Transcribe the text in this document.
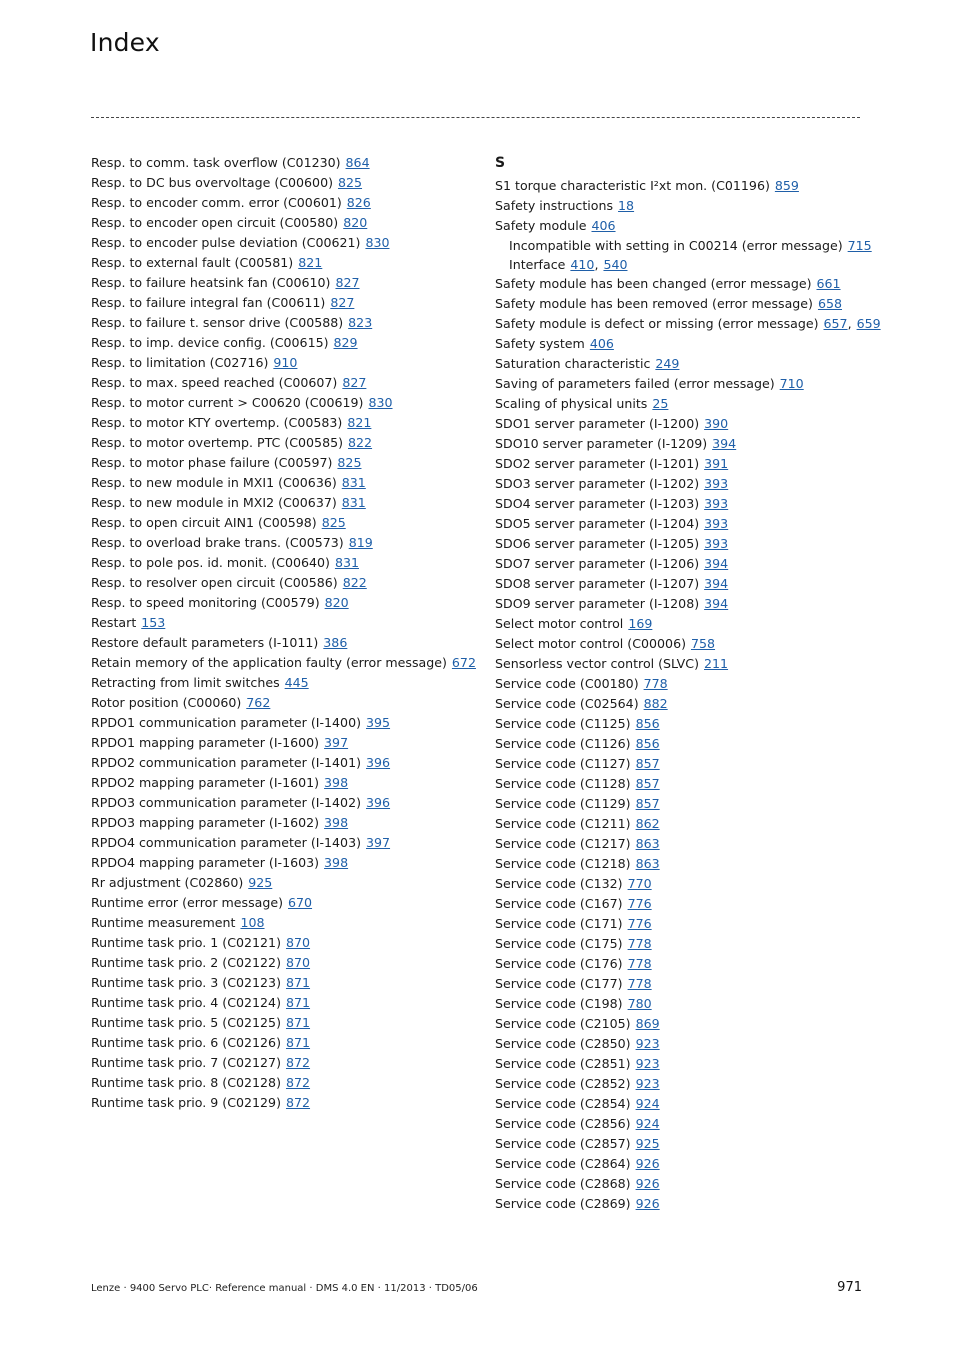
Index
Resp. to comm. task overflow (C01230) 864
Resp. to DC bus overvoltage (C00600) 825
Resp. to encoder comm. error (C00601) 826
Resp. to encoder open circuit (C00580) 820
Resp. to encoder pulse deviation (C00621) 830
Resp. to external fault (C00581) 821
Resp. to failure heatsink fan (C00610) 827
Resp. to failure integral fan (C00611) 827
Resp. to failure t. sensor drive (C00588) 823
Resp. to imp. device config. (C00615) 829
Resp. to limitation (C02716) 910
Resp. to max. speed reached (C00607) 827
Resp. to motor current > C00620 (C00619) 830
Resp. to motor KTY overtemp. (C00583) 821
Resp. to motor overtemp. PTC (C00585) 822
Resp. to motor phase failure (C00597) 825
Resp. to new module in MXI1 (C00636) 831
Resp. to new module in MXI2 (C00637) 831
Resp. to open circuit AIN1 (C00598) 825
Resp. to overload brake trans. (C00573) 819
Resp. to pole pos. id. monit. (C00640) 831
Resp. to resolver open circuit (C00586) 822
Resp. to speed monitoring (C00579) 820
Restart 153
Restore default parameters (I-1011) 386
Retain memory of the application faulty (error message) 672
Retracting from limit switches 445
Rotor position (C00060) 762
RPDO1 communication parameter (I-1400) 395
RPDO1 mapping parameter (I-1600) 397
RPDO2 communication parameter (I-1401) 396
RPDO2 mapping parameter (I-1601) 398
RPDO3 communication parameter (I-1402) 396
RPDO3 mapping parameter (I-1602) 398
RPDO4 communication parameter (I-1403) 397
RPDO4 mapping parameter (I-1603) 398
Rr adjustment (C02860) 925
Runtime error (error message) 670
Runtime measurement 108
Runtime task prio. 1 (C02121) 870
Runtime task prio. 2 (C02122) 870
Runtime task prio. 3 (C02123) 871
Runtime task prio. 4 (C02124) 871
Runtime task prio. 5 (C02125) 871
Runtime task prio. 6 (C02126) 871
Runtime task prio. 7 (C02127) 872
Runtime task prio. 8 (C02128) 872
Runtime task prio. 9 (C02129) 872
S
S1 torque characteristic I²xt mon. (C01196) 859
Safety instructions 18
Safety module 406
Incompatible with setting in C00214 (error message) 715
Interface 410, 540
Safety module has been changed (error message) 661
Safety module has been removed (error message) 658
Safety module is defect or missing (error message) 657, 659
Safety system 406
Saturation characteristic 249
Saving of parameters failed (error message) 710
Scaling of physical units 25
SDO1 server parameter (I-1200) 390
SDO10 server parameter (I-1209) 394
SDO2 server parameter (I-1201) 391
SDO3 server parameter (I-1202) 393
SDO4 server parameter (I-1203) 393
SDO5 server parameter (I-1204) 393
SDO6 server parameter (I-1205) 393
SDO7 server parameter (I-1206) 394
SDO8 server parameter (I-1207) 394
SDO9 server parameter (I-1208) 394
Select motor control 169
Select motor control (C00006) 758
Sensorless vector control (SLVC) 211
Service code (C00180) 778
Service code (C02564) 882
Service code (C1125) 856
Service code (C1126) 856
Service code (C1127) 857
Service code (C1128) 857
Service code (C1129) 857
Service code (C1211) 862
Service code (C1217) 863
Service code (C1218) 863
Service code (C132) 770
Service code (C167) 776
Service code (C171) 776
Service code (C175) 778
Service code (C176) 778
Service code (C177) 778
Service code (C198) 780
Service code (C2105) 869
Service code (C2850) 923
Service code (C2851) 923
Service code (C2852) 923
Service code (C2854) 924
Service code (C2856) 924
Service code (C2857) 925
Service code (C2864) 926
Service code (C2868) 926
Service code (C2869) 926
Lenze · 9400 Servo PLC· Reference manual · DMS 4.0 EN · 11/2013 · TD05/06	971
